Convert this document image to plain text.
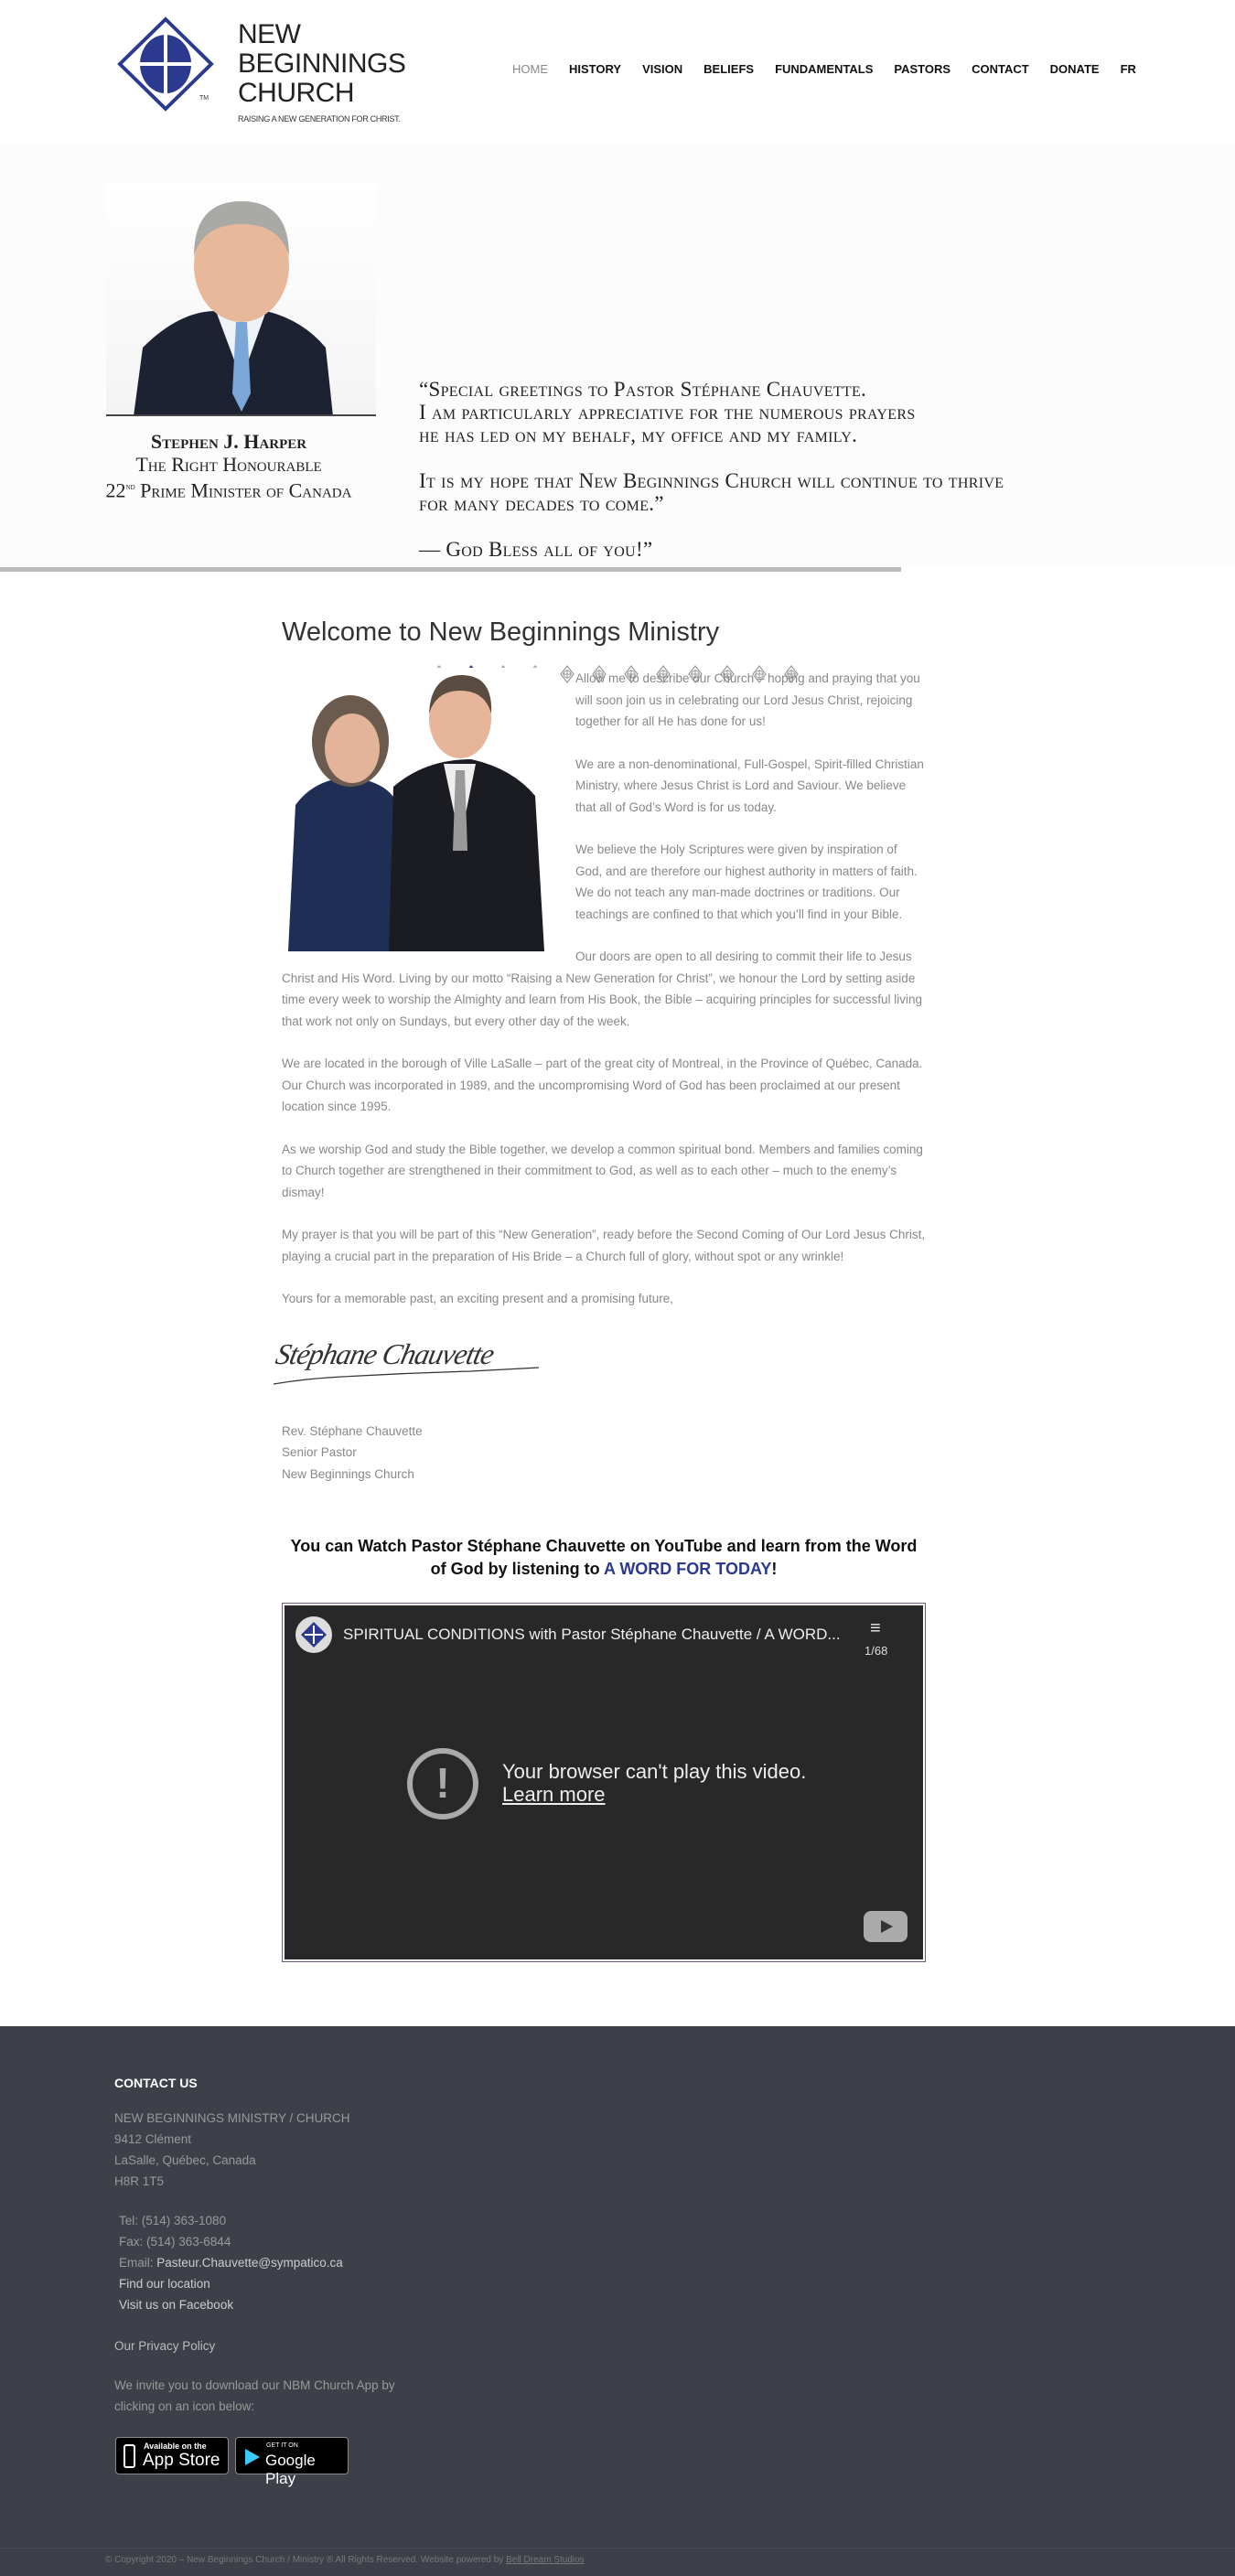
TM
NEW
BEGINNINGS
CHURCH
RAISING A NEW GENERATION FOR CHRIST.
HOME HISTORY VISION BELIEFS FUNDAMENTALS PASTORS CONTACT DONATE FR

“Special greetings to Pastor Stéphane Chauvette.
I am particularly appreciative for the numerous prayers
he has led on my behalf, my office and my family.

It is my hope that New Beginnings Church will continue to thrive
for many decades to come.”

— God Bless all of you!”

Stephen J. Harper
The Right Honourable
22nd Prime Minister of Canada
Welcome to New Beginnings Ministry

Allow me to describe our Church – hoping and praying that you will soon join us in celebrating our Lord Jesus Christ, rejoicing together for all He has done for us!

We are a non-denominational, Full-Gospel, Spirit-filled Christian Ministry, where Jesus Christ is Lord and Saviour. We believe that all of God’s Word is for us today.

We believe the Holy Scriptures were given by inspiration of God, and are therefore our highest authority in matters of faith. We do not teach any man-made doctrines or traditions. Our teachings are confined to that which you’ll find in your Bible.

Our doors are open to all desiring to commit their life to Jesus Christ and His Word. Living by our motto “Raising a New Generation for Christ”, we honour the Lord by setting aside time every week to worship the Almighty and learn from His Book, the Bible – acquiring principles for successful living that work not only on Sundays, but every other day of the week.

We are located in the borough of Ville LaSalle – part of the great city of Montreal, in the Province of Québec, Canada. Our Church was incorporated in 1989, and the uncompromising Word of God has been proclaimed at our present location since 1995.

As we worship God and study the Bible together, we develop a common spiritual bond. Members and families coming to Church together are strengthened in their commitment to God, as well as to each other – much to the enemy’s dismay!

My prayer is that you will be part of this “New Generation”, ready before the Second Coming of Our Lord Jesus Christ, playing a crucial part in the preparation of His Bride – a Church full of glory, without spot or any wrinkle!

Yours for a memorable past, an exciting present and a promising future,

Stéphane Chauvette
Rev. Stéphane Chauvette
Senior Pastor
New Beginnings Church
You can Watch Pastor Stéphane Chauvette on YouTube and learn from the Word of God by listening to A WORD FOR TODAY!
SPIRITUAL CONDITIONS with Pastor Stéphane Chauvette / A WORD... ≡
1/68
!	Your browser can't play this video.
Learn more
CONTACT US
NEW BEGINNINGS MINISTRY / CHURCH
9412 Clément
LaSalle, Québec, Canada
H8R 1T5
Tel: (514) 363-1080
Fax: (514) 363-6844
Email: Pasteur.Chauvette@sympatico.ca
Find our location
Visit us on Facebook
Our Privacy Policy
We invite you to download our NBM Church App by clicking on an icon below:
Available on the
App Store
GET IT ON
Google Play
© Copyright 2020 – New Beginnings Church / Ministry ® All Rights Reserved. Website powered by Bell Dream Studios
